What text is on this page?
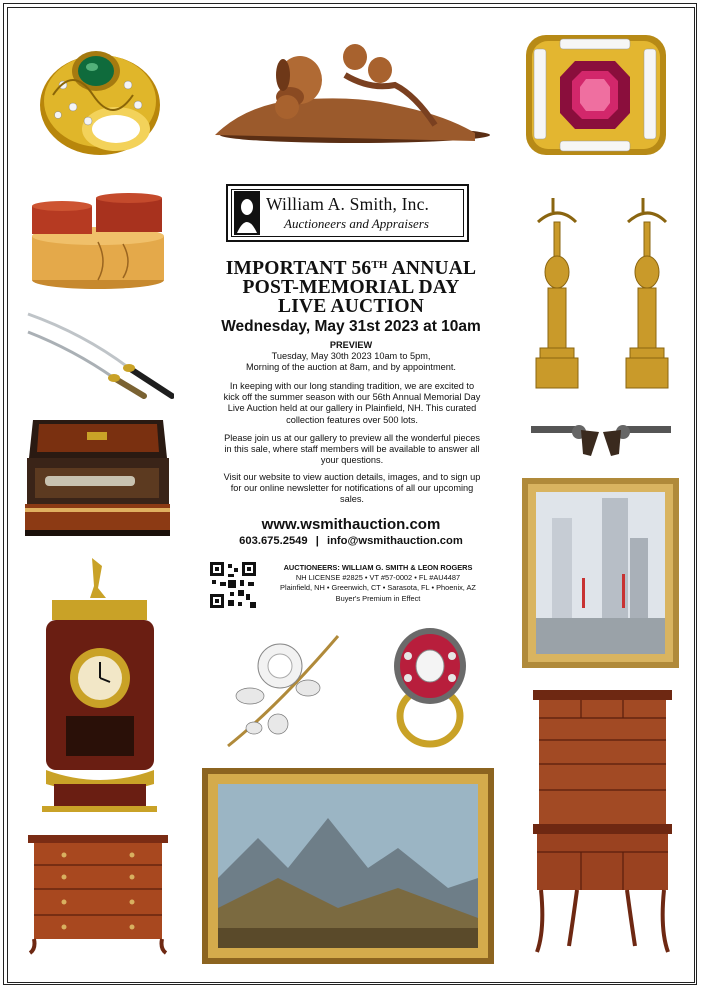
William A. Smith, Inc.
Auctioneers and Appraisers
IMPORTANT 56TH ANNUAL
POST-MEMORIAL DAY
LIVE AUCTION
Wednesday, May 31st 2023 at 10am
PREVIEW
Tuesday, May 30th 2023 10am to 5pm,
Morning of the auction at 8am, and by appointment.
In keeping with our long standing tradition, we are excited to kick off the summer season with our 56th Annual Memorial Day Live Auction held at our gallery in Plainfield, NH. This curated collection features over 500 lots.
Please join us at our gallery to preview all the wonderful pieces in this sale, where staff members will be available to answer all your questions.
Visit our website to view auction details, images, and to sign up for our online newsletter for notifications of all our upcoming sales.
www.wsmithauction.com
603.675.2549 | info@wsmithauction.com
AUCTIONEERS: WILLIAM G. SMITH & LEON ROGERS
NH LICENSE #2825 • VT #57-0002 • FL #AU4487
Plainfield, NH • Greenwich, CT • Sarasota, FL • Phoenix, AZ
Buyer's Premium in Effect
